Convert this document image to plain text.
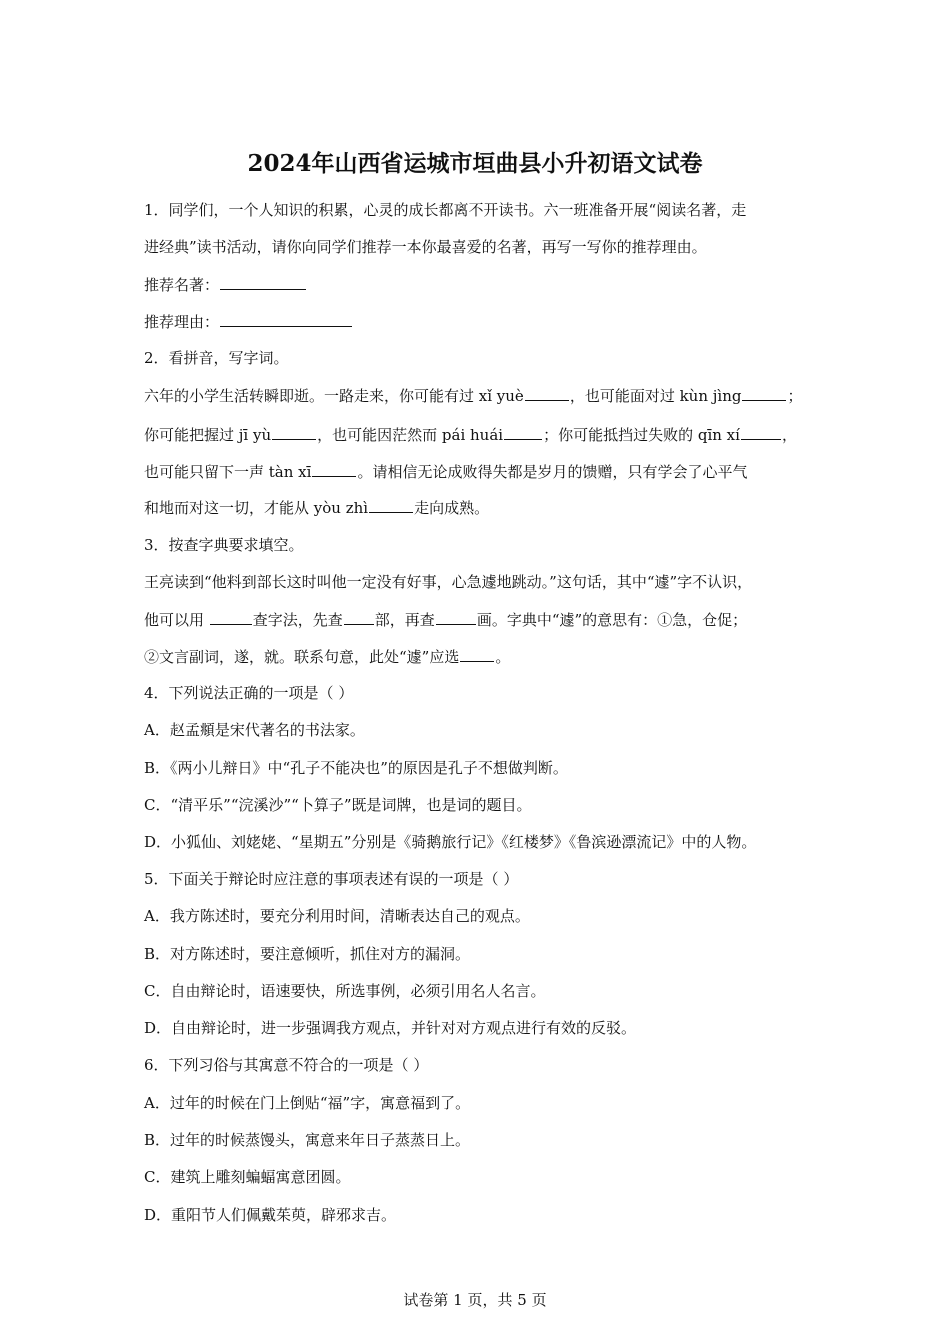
2024年山西省运城市垣曲县小升初语文试卷
1．同学们，一个人知识的积累，心灵的成长都离不开读书。六一班准备开展“阅读名著，走
进经典”读书活动，请你向同学们推荐一本你最喜爱的名著，再写一写你的推荐理由。
推荐名著：
推荐理由：
2．看拼音，写字词。
六年的小学生活转瞬即逝。一路走来，你可能有过 xǐ yuè	，也可能面对过 kùn jìng	；
你可能把握过 jī yù	，也可能因茫然而 pái huái	；你可能抵挡过失败的 qīn xí	，
也可能只留下一声 tàn xī	。请相信无论成败得失都是岁月的馈赠，只有学会了心平气
和地而对这一切，才能从 yòu zhì	走向成熟。
3．按查字典要求填空。
王亮读到“他料到部长这时叫他一定没有好事，心急遽地跳动。”这句话，其中“遽”字不认识，
他可以用	查字法，先查 部，再查	画。字典中“遽”的意思有：①急，仓促；
②文言副词，遂，就。联系句意，此处“遽”应选 。
4．下列说法正确的一项是（ ）
A．赵孟頫是宋代著名的书法家。
B．《两小儿辩日》中“孔子不能决也”的原因是孔子不想做判断。
C．“清平乐”“浣溪沙”“卜算子”既是词牌，也是词的题目。
D．小狐仙、刘姥姥、“星期五”分别是《骑鹅旅行记》《红楼梦》《鲁滨逊漂流记》中的人物。
5．下面关于辩论时应注意的事项表述有误的一项是（ ）
A．我方陈述时，要充分利用时间，清晰表达自己的观点。
B．对方陈述时，要注意倾听，抓住对方的漏洞。
C．自由辩论时，语速要快，所选事例，必须引用名人名言。
D．自由辩论时，进一步强调我方观点，并针对对方观点进行有效的反驳。
6．下列习俗与其寓意不符合的一项是（ ）
A．过年的时候在门上倒贴“福”字，寓意福到了。
B．过年的时候蒸馒头，寓意来年日子蒸蒸日上。
C．建筑上雕刻蝙蝠寓意团圆。
D．重阳节人们佩戴茱萸，辟邪求吉。
试卷第 1 页，共 5 页
